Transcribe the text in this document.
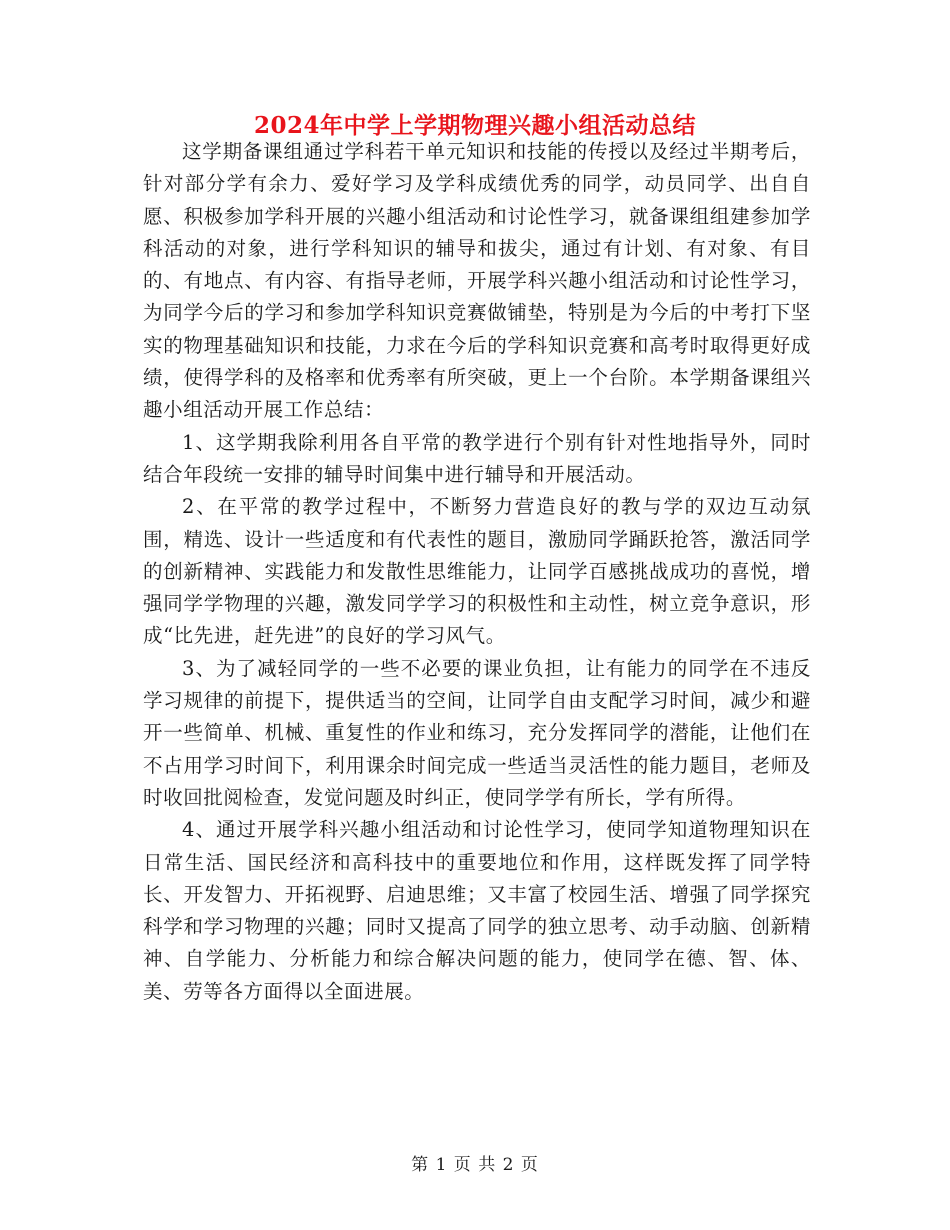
2024年中学上学期物理兴趣小组活动总结

这学期备课组通过学科若干单元知识和技能的传授以及经过半期考后，针对部分学有余力、爱好学习及学科成绩优秀的同学，动员同学、出自自愿、积极参加学科开展的兴趣小组活动和讨论性学习，就备课组组建参加学科活动的对象，进行学科知识的辅导和拔尖，通过有计划、有对象、有目的、有地点、有内容、有指导老师，开展学科兴趣小组活动和讨论性学习，为同学今后的学习和参加学科知识竞赛做铺垫，特别是为今后的中考打下坚实的物理基础知识和技能，力求在今后的学科知识竞赛和高考时取得更好成绩，使得学科的及格率和优秀率有所突破，更上一个台阶。本学期备课组兴趣小组活动开展工作总结：

1、这学期我除利用各自平常的教学进行个别有针对性地指导外，同时结合年段统一安排的辅导时间集中进行辅导和开展活动。

2、在平常的教学过程中，不断努力营造良好的教与学的双边互动氛围，精选、设计一些适度和有代表性的题目，激励同学踊跃抢答，激活同学的创新精神、实践能力和发散性思维能力，让同学百感挑战成功的喜悦，增强同学学物理的兴趣，激发同学学习的积极性和主动性，树立竞争意识，形成“比先进，赶先进”的良好的学习风气。

3、为了减轻同学的一些不必要的课业负担，让有能力的同学在不违反学习规律的前提下，提供适当的空间，让同学自由支配学习时间，减少和避开一些简单、机械、重复性的作业和练习，充分发挥同学的潜能，让他们在不占用学习时间下，利用课余时间完成一些适当灵活性的能力题目，老师及时收回批阅检查，发觉问题及时纠正，使同学学有所长，学有所得。

4、通过开展学科兴趣小组活动和讨论性学习，使同学知道物理知识在日常生活、国民经济和高科技中的重要地位和作用，这样既发挥了同学特长、开发智力、开拓视野、启迪思维；又丰富了校园生活、增强了同学探究科学和学习物理的兴趣；同时又提高了同学的独立思考、动手动脑、创新精神、自学能力、分析能力和综合解决问题的能力，使同学在德、智、体、美、劳等各方面得以全面进展。

第 1 页 共 2 页
